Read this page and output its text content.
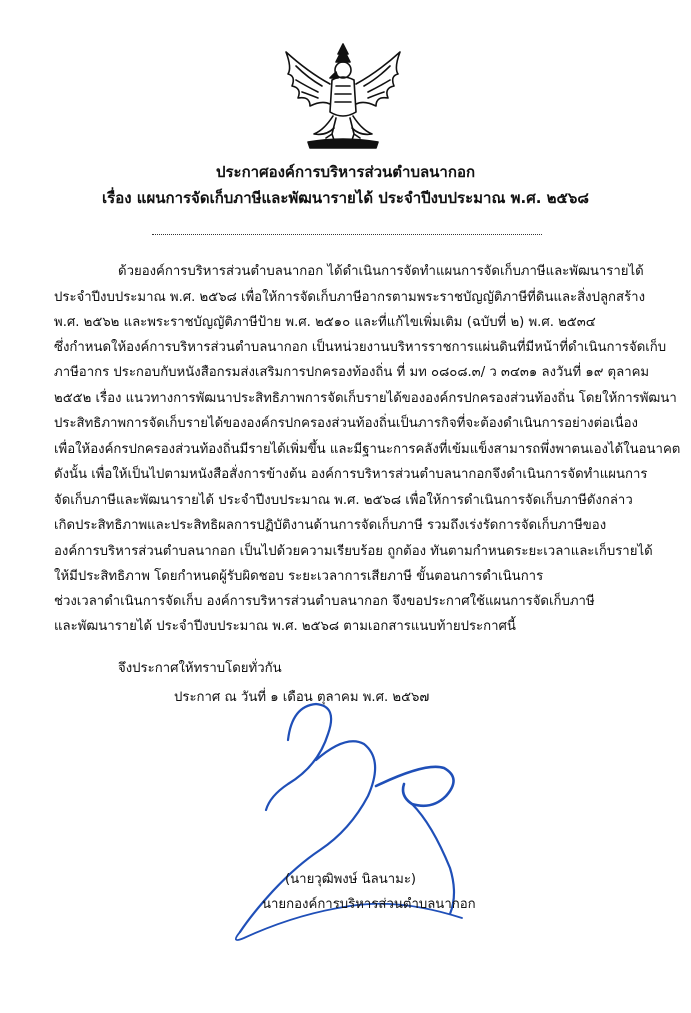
ประกาศองค์การบริหารส่วนตำบลนากอก
เรื่อง แผนการจัดเก็บภาษีและพัฒนารายได้ ประจำปีงบประมาณ พ.ศ. ๒๕๖๘
ด้วยองค์การบริหารส่วนตำบลนากอก ได้ดำเนินการจัดทำแผนการจัดเก็บภาษีและพัฒนารายได้
ประจำปีงบประมาณ พ.ศ. ๒๕๖๘ เพื่อให้การจัดเก็บภาษีอากรตามพระราชบัญญัติภาษีที่ดินและสิ่งปลูกสร้าง
พ.ศ. ๒๕๖๒ และพระราชบัญญัติภาษีป้าย พ.ศ. ๒๕๑๐ และที่แก้ไขเพิ่มเติม (ฉบับที่ ๒) พ.ศ. ๒๕๓๔
ซึ่งกำหนดให้องค์การบริหารส่วนตำบลนากอก เป็นหน่วยงานบริหารราชการแผ่นดินที่มีหน้าที่ดำเนินการจัดเก็บ
ภาษีอากร ประกอบกับหนังสือกรมส่งเสริมการปกครองท้องถิ่น ที่ มท ๐๘๐๘.๓/ ว ๓๔๓๑ ลงวันที่ ๑๙ ตุลาคม
๒๕๕๒ เรื่อง แนวทางการพัฒนาประสิทธิภาพการจัดเก็บรายได้ขององค์กรปกครองส่วนท้องถิ่น โดยให้การพัฒนา
ประสิทธิภาพการจัดเก็บรายได้ขององค์กรปกครองส่วนท้องถิ่นเป็นภารกิจที่จะต้องดำเนินการอย่างต่อเนื่อง
เพื่อให้องค์กรปกครองส่วนท้องถิ่นมีรายได้เพิ่มขึ้น และมีฐานะการคลังที่เข้มแข็งสามารถพึ่งพาตนเองได้ในอนาคต
ดังนั้น เพื่อให้เป็นไปตามหนังสือสั่งการข้างต้น องค์การบริหารส่วนตำบลนากอกจึงดำเนินการจัดทำแผนการ
จัดเก็บภาษีและพัฒนารายได้ ประจำปีงบประมาณ พ.ศ. ๒๕๖๘ เพื่อให้การดำเนินการจัดเก็บภาษีดังกล่าว
เกิดประสิทธิภาพและประสิทธิผลการปฏิบัติงานด้านการจัดเก็บภาษี รวมถึงเร่งรัดการจัดเก็บภาษีของ
องค์การบริหารส่วนตำบลนากอก เป็นไปด้วยความเรียบร้อย ถูกต้อง ทันตามกำหนดระยะเวลาและเก็บรายได้
ให้มีประสิทธิภาพ โดยกำหนดผู้รับผิดชอบ ระยะเวลาการเสียภาษี ขั้นตอนการดำเนินการ
ช่วงเวลาดำเนินการจัดเก็บ องค์การบริหารส่วนตำบลนากอก จึงขอประกาศใช้แผนการจัดเก็บภาษี
และพัฒนารายได้ ประจำปีงบประมาณ พ.ศ. ๒๕๖๘ ตามเอกสารแนบท้ายประกาศนี้
จึงประกาศให้ทราบโดยทั่วกัน
ประกาศ ณ วันที่ ๑ เดือน ตุลาคม พ.ศ. ๒๕๖๗
(นายวุฒิพงษ์ นิลนามะ)
นายกองค์การบริหารส่วนตำบลนากอก
